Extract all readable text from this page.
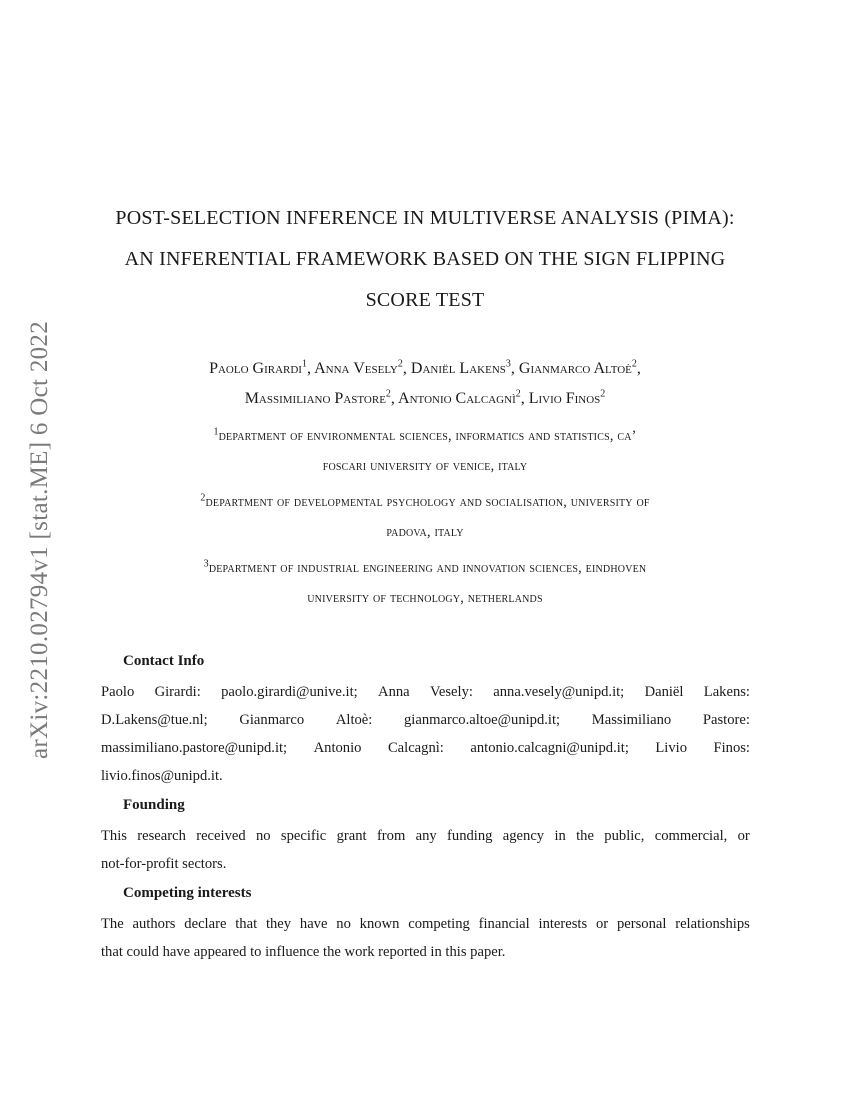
arXiv:2210.02794v1 [stat.ME] 6 Oct 2022
POST-SELECTION INFERENCE IN MULTIVERSE ANALYSIS (PIMA):
AN INFERENTIAL FRAMEWORK BASED ON THE SIGN FLIPPING
SCORE TEST
Paolo Girardi$^1$, Anna Vesely$^2$, Daniël Lakens$^3$, Gianmarco Altoè$^2$,
Massimiliano Pastore$^2$, Antonio Calcagnì$^2$, Livio Finos$^2$
$^1$department of environmental sciences, informatics and statistics, ca’
foscari university of venice, italy
$^2$department of developmental psychology and socialisation, university of
padova, italy
$^3$department of industrial engineering and innovation sciences, eindhoven
university of technology, netherlands
Contact Info
Paolo Girardi: paolo.girardi@unive.it; Anna Vesely: anna.vesely@unipd.it; Daniël Lakens:
D.Lakens@tue.nl; Gianmarco Altoè: gianmarco.altoe@unipd.it; Massimiliano Pastore:
massimiliano.pastore@unipd.it; Antonio Calcagnì: antonio.calcagni@unipd.it; Livio Finos:
livio.finos@unipd.it.
Founding
This research received no specific grant from any funding agency in the public, commercial, or
not-for-profit sectors.
Competing interests
The authors declare that they have no known competing financial interests or personal relationships
that could have appeared to influence the work reported in this paper.
